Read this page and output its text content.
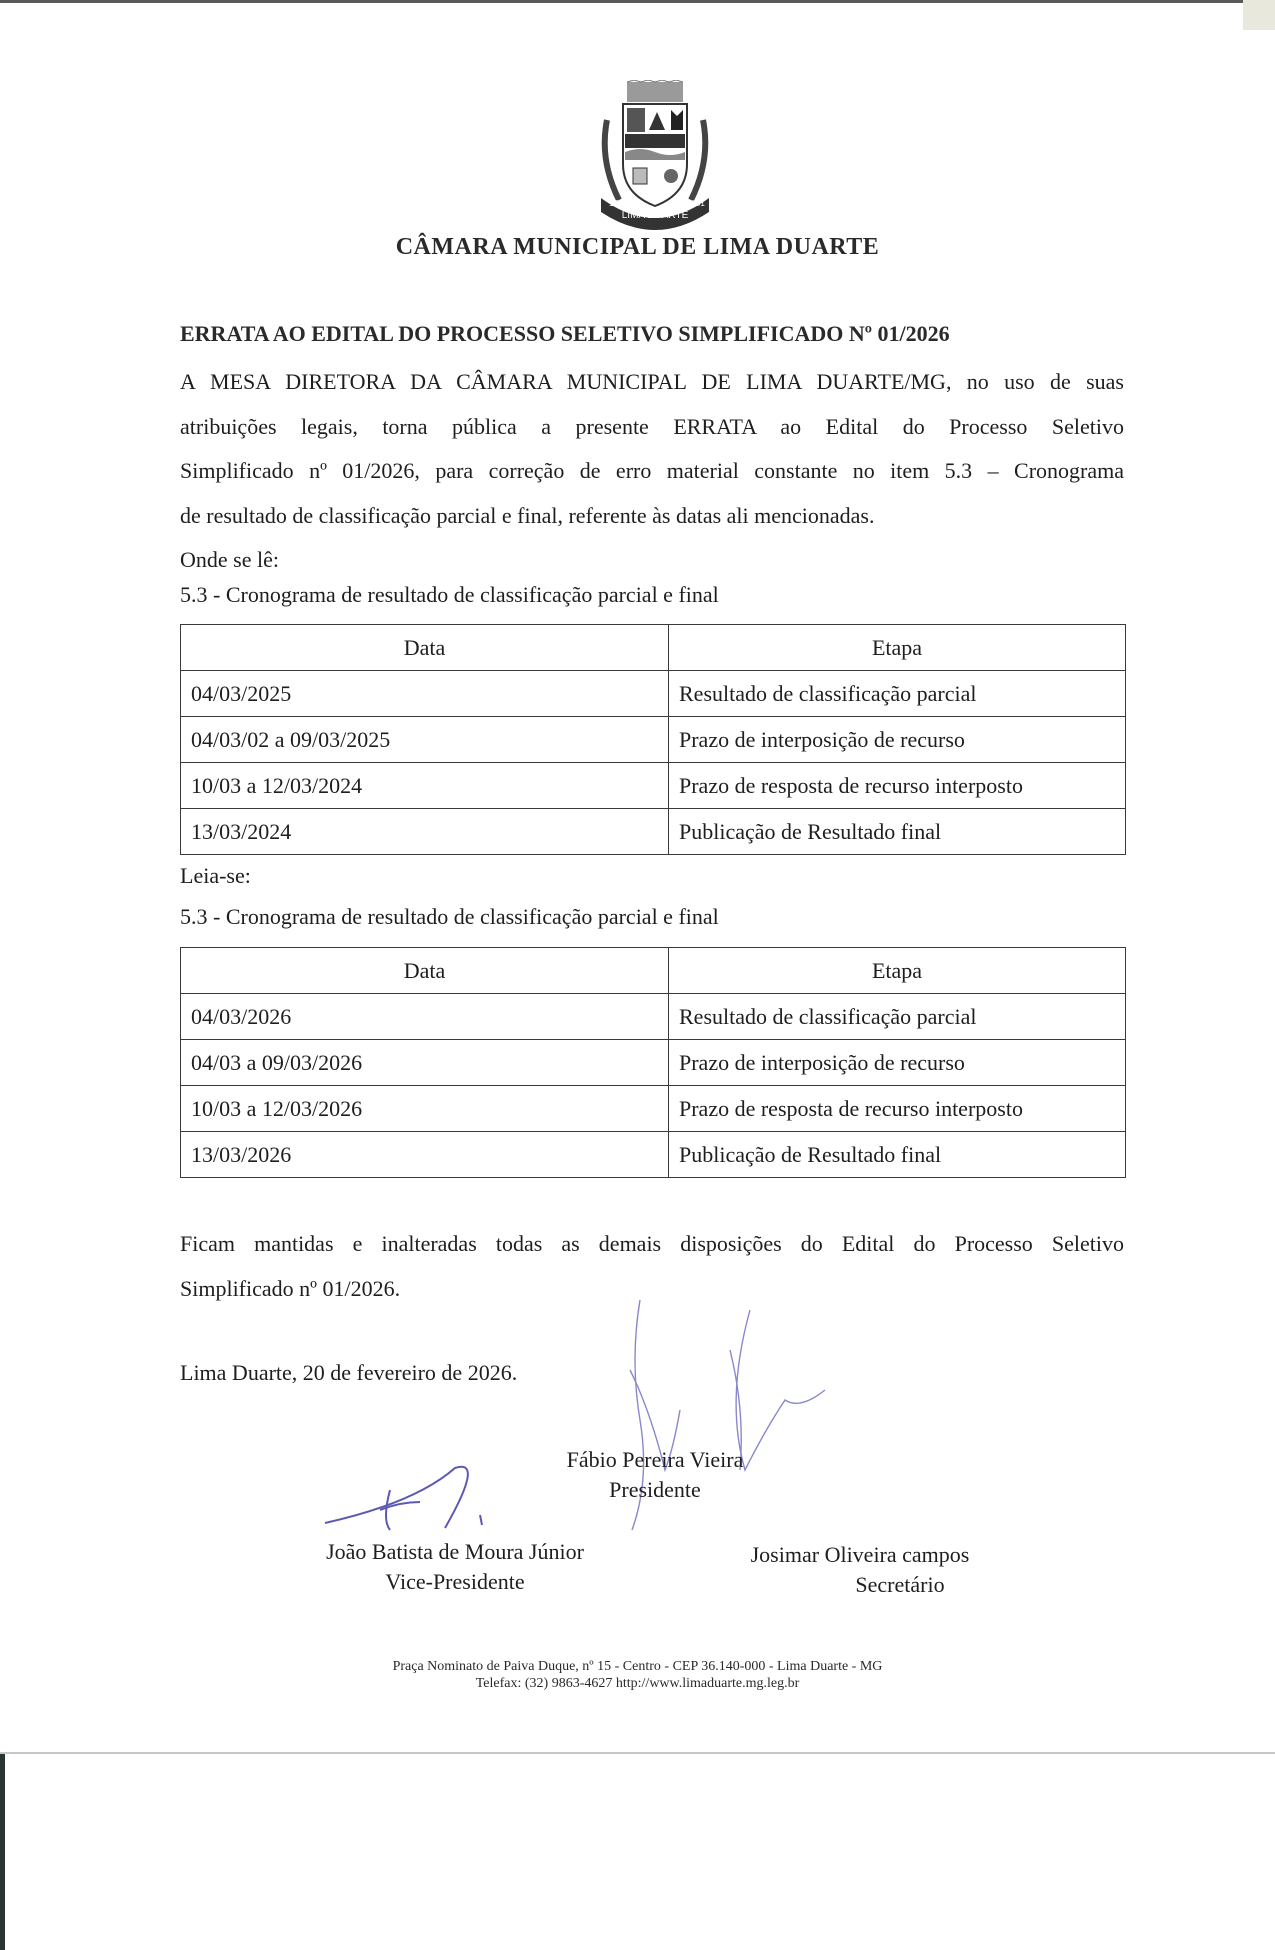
LIMA DUARTE
1781	1881
CÂMARA MUNICIPAL DE LIMA DUARTE
ERRATA AO EDITAL DO PROCESSO SELETIVO SIMPLIFICADO Nº 01/2026
A MESA DIRETORA DA CÂMARA MUNICIPAL DE LIMA DUARTE/MG, no uso de suas
atribuições legais, torna pública a presente ERRATA ao Edital do Processo Seletivo
Simplificado nº 01/2026, para correção de erro material constante no item 5.3 – Cronograma
de resultado de classificação parcial e final, referente às datas ali mencionadas.
Onde se lê:
5.3 - Cronograma de resultado de classificação parcial e final
Data	Etapa
04/03/2025	Resultado de classificação parcial
04/03/02 a 09/03/2025	Prazo de interposição de recurso
10/03 a 12/03/2024	Prazo de resposta de recurso interposto
13/03/2024	Publicação de Resultado final
Leia-se:
5.3 - Cronograma de resultado de classificação parcial e final
Data	Etapa
04/03/2026	Resultado de classificação parcial
04/03 a 09/03/2026	Prazo de interposição de recurso
10/03 a 12/03/2026	Prazo de resposta de recurso interposto
13/03/2026	Publicação de Resultado final
Ficam mantidas e inalteradas todas as demais disposições do Edital do Processo Seletivo
Simplificado nº 01/2026.
Lima Duarte, 20 de fevereiro de 2026.
Fábio Pereira Vieira
Presidente
João Batista de Moura Júnior
Vice-Presidente
Josimar Oliveira campos
Secretário
Praça Nominato de Paiva Duque, nº 15 - Centro - CEP 36.140-000 - Lima Duarte - MG
Telefax: (32) 9863-4627 http://www.limaduarte.mg.leg.br
